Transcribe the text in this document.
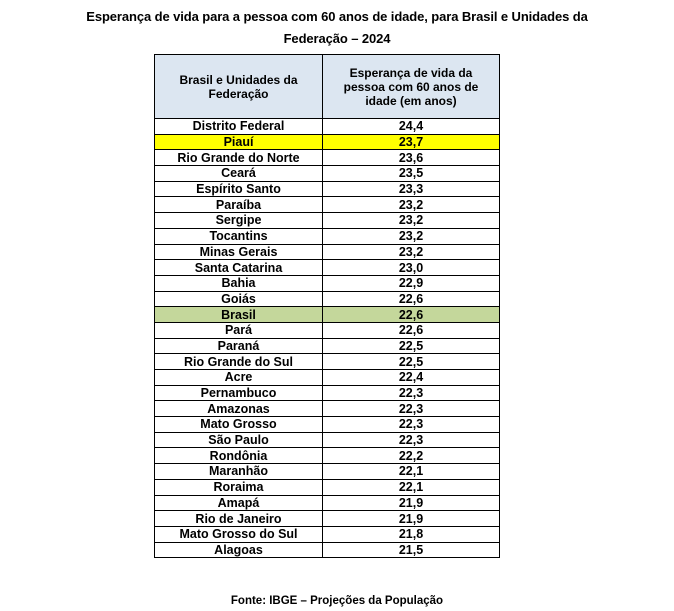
Esperança de vida para a pessoa com 60 anos de idade, para Brasil e Unidades da
Federação – 2024
Brasil e Unidades da Federação	Esperança de vida da pessoa com 60 anos de idade (em anos)
Distrito Federal	24,4
Piauí	23,7
Rio Grande do Norte	23,6
Ceará	23,5
Espírito Santo	23,3
Paraíba	23,2
Sergipe	23,2
Tocantins	23,2
Minas Gerais	23,2
Santa Catarina	23,0
Bahia	22,9
Goiás	22,6
Brasil	22,6
Pará	22,6
Paraná	22,5
Rio Grande do Sul	22,5
Acre	22,4
Pernambuco	22,3
Amazonas	22,3
Mato Grosso	22,3
São Paulo	22,3
Rondônia	22,2
Maranhão	22,1
Roraima	22,1
Amapá	21,9
Rio de Janeiro	21,9
Mato Grosso do Sul	21,8
Alagoas	21,5
Fonte: IBGE – Projeções da População
